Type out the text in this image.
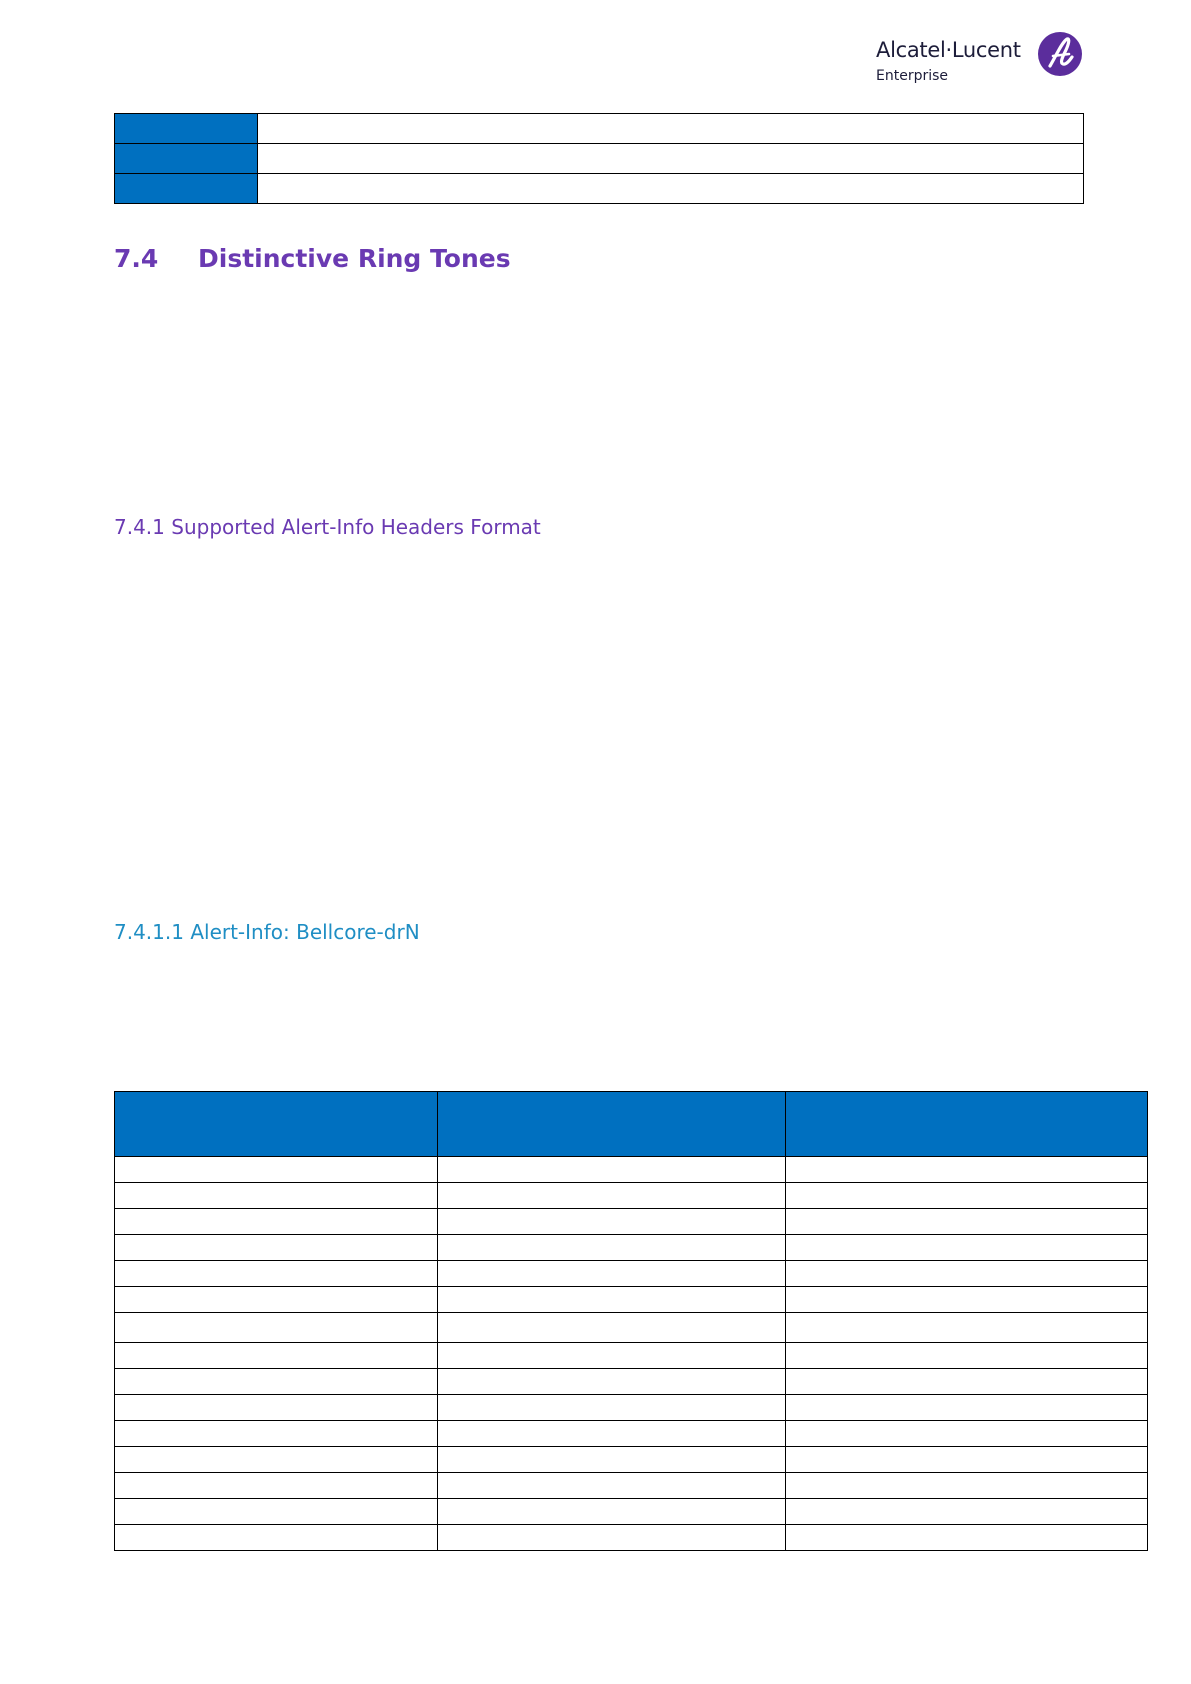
Alcatel·Lucent
Enterprise

7.4 Distinctive Ring Tones
7.4.1 Supported Alert-Info Headers Format
7.4.1.1 Alert-Info: Bellcore-drN
